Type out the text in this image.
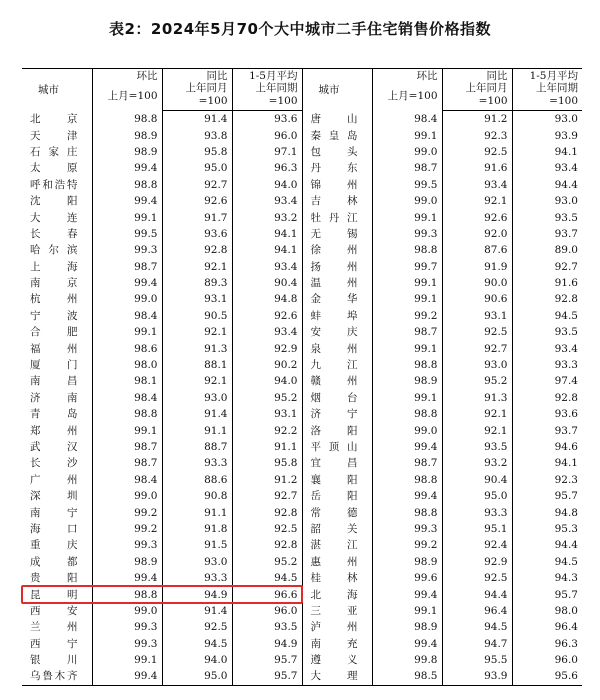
表2：2024年5月70个大中城市二手住宅销售价格指数
城市	环比	同比	1-5月平均	城市	环比	同比	1-5月平均
	上月=100	上年同月	上年同期		上月=100	上年同月	上年同期
		=100	=100			=100	=100
北　京	98.8	91.4	93.6	唐　山	98.4	91.2	93.0
天　津	98.9	93.8	96.0	秦皇岛	99.1	92.3	93.9
石家庄	98.9	95.8	97.1	包　头	99.0	92.5	94.1
太　原	99.4	95.0	96.3	丹　东	98.7	91.6	93.4
呼和浩特	98.8	92.7	94.0	锦　州	99.5	93.4	94.4
沈　阳	99.4	92.6	93.4	吉　林	99.0	92.1	93.0
大　连	99.1	91.7	93.2	牡丹江	99.1	92.6	93.5
长　春	99.5	93.6	94.1	无　锡	99.3	92.0	93.7
哈尔滨	99.3	92.8	94.1	徐　州	98.8	87.6	89.0
上　海	98.7	92.1	93.4	扬　州	99.7	91.9	92.7
南　京	99.4	89.3	90.4	温　州	99.1	90.0	91.6
杭　州	99.0	93.1	94.8	金　华	99.1	90.6	92.8
宁　波	98.4	90.5	92.6	蚌　埠	99.2	93.1	94.5
合　肥	99.1	92.1	93.4	安　庆	98.7	92.5	93.5
福　州	98.6	91.3	92.9	泉　州	99.1	92.7	93.4
厦　门	98.0	88.1	90.2	九　江	98.8	93.0	93.3
南　昌	98.1	92.1	94.0	赣　州	98.9	95.2	97.4
济　南	98.4	93.0	95.2	烟　台	99.1	91.3	92.8
青　岛	98.8	91.4	93.1	济　宁	98.8	92.1	93.6
郑　州	99.1	91.1	92.2	洛　阳	99.0	92.1	93.7
武　汉	98.7	88.7	91.1	平顶山	99.4	93.5	94.6
长　沙	98.7	93.3	95.8	宜　昌	98.7	93.2	94.1
广　州	98.4	88.6	91.2	襄　阳	98.8	90.4	92.3
深　圳	99.0	90.8	92.7	岳　阳	99.4	95.0	95.7
南　宁	99.2	91.1	92.8	常　德	98.8	93.3	94.8
海　口	99.2	91.8	92.5	韶　关	99.3	95.1	95.3
重　庆	99.3	91.5	92.8	湛　江	99.2	92.4	94.4
成　都	98.9	93.0	95.2	惠　州	98.9	92.9	94.5
贵　阳	99.4	93.3	94.5	桂　林	99.6	92.5	94.3
昆　明	98.8	94.9	96.6	北　海	99.4	94.4	95.7
西　安	99.0	91.4	96.0	三　亚	99.1	96.4	98.0
兰　州	99.3	92.5	93.5	泸　州	98.9	94.5	96.4
西　宁	99.3	94.5	94.9	南　充	99.4	94.7	96.3
银　川	99.1	94.0	95.7	遵　义	99.8	95.5	96.0
乌鲁木齐	99.4	95.0	95.7	大　理	98.5	93.9	95.6
